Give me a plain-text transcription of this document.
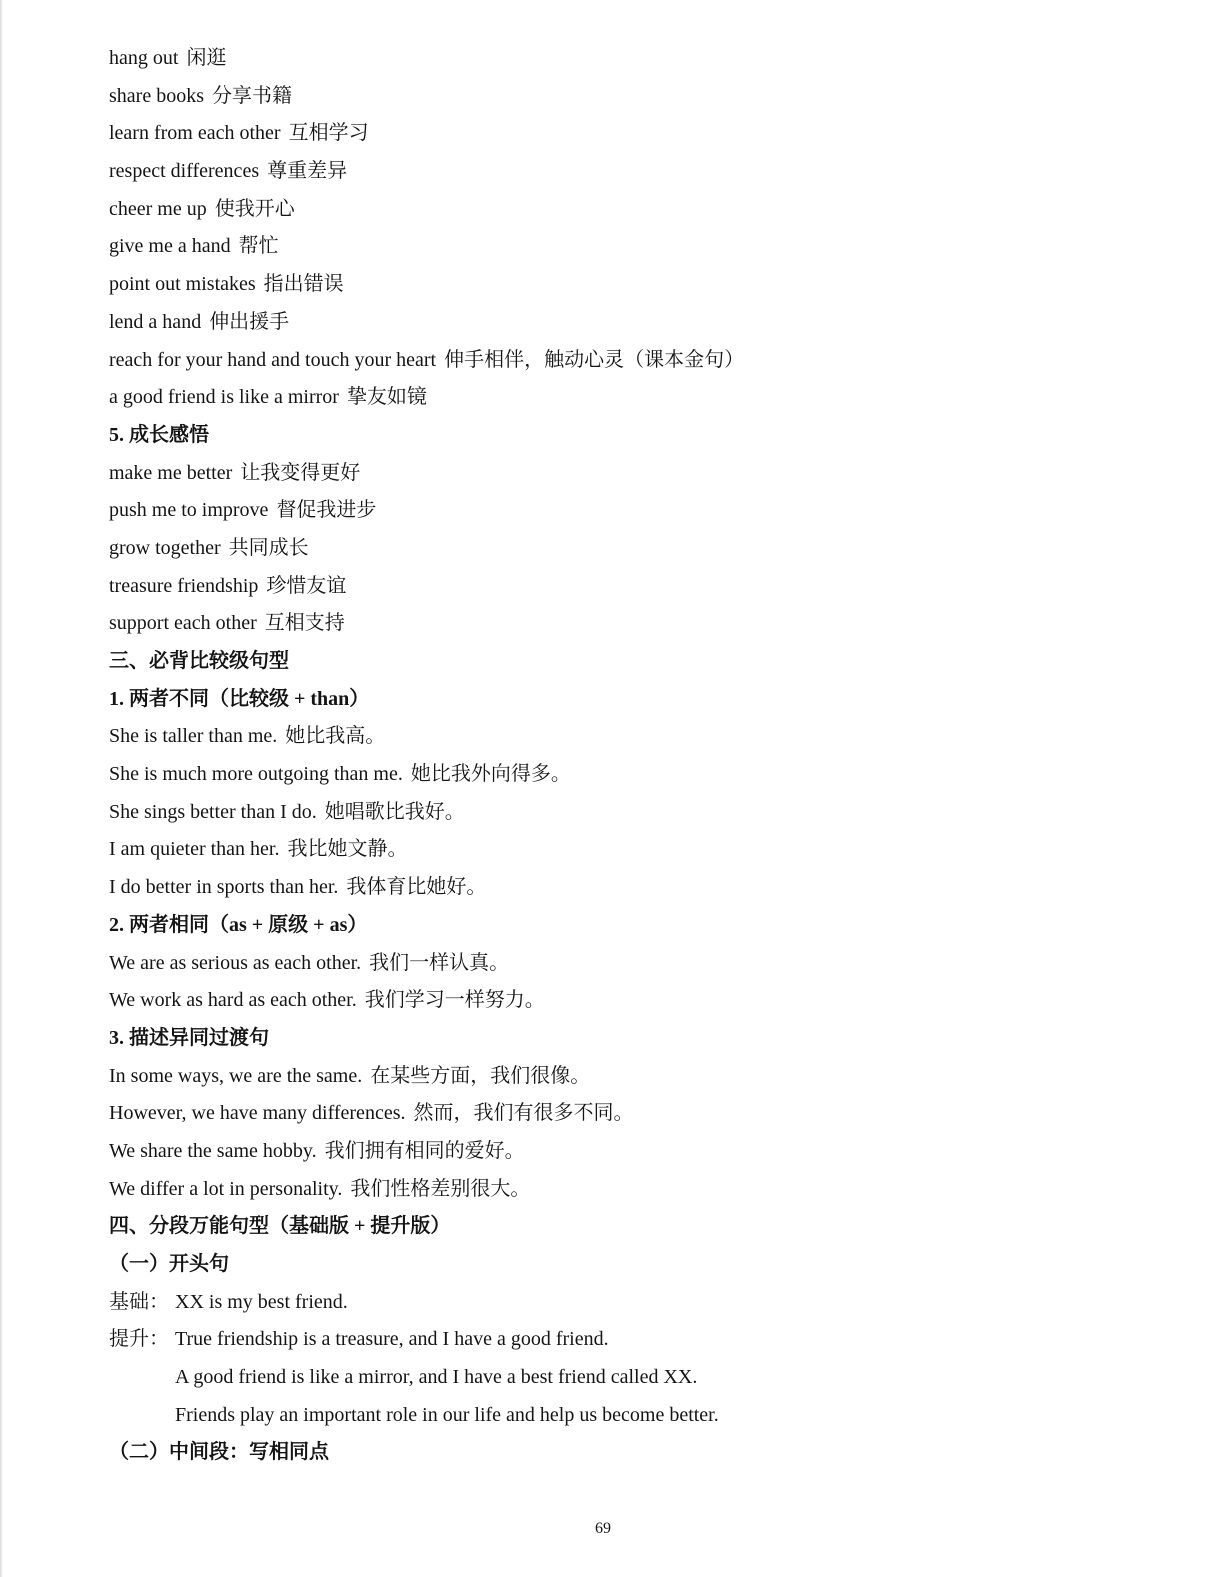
hang out 闲逛
share books 分享书籍
learn from each other 互相学习
respect differences 尊重差异
cheer me up 使我开心
give me a hand 帮忙
point out mistakes 指出错误
lend a hand 伸出援手
reach for your hand and touch your heart 伸手相伴，触动心灵（课本金句）
a good friend is like a mirror 挚友如镜
5. 成长感悟
make me better 让我变得更好
push me to improve 督促我进步
grow together 共同成长
treasure friendship 珍惜友谊
support each other 互相支持
三、必背比较级句型
1. 两者不同（比较级 + than）
She is taller than me. 她比我高。
She is much more outgoing than me. 她比我外向得多。
She sings better than I do. 她唱歌比我好。
I am quieter than her. 我比她文静。
I do better in sports than her. 我体育比她好。
2. 两者相同（as + 原级 + as）
We are as serious as each other. 我们一样认真。
We work as hard as each other. 我们学习一样努力。
3. 描述异同过渡句
In some ways, we are the same. 在某些方面，我们很像。
However, we have many differences. 然而，我们有很多不同。
We share the same hobby. 我们拥有相同的爱好。
We differ a lot in personality. 我们性格差别很大。
四、分段万能句型（基础版 + 提升版）
（一）开头句
基础： XX is my best friend.
提升： True friendship is a treasure, and I have a good friend.
A good friend is like a mirror, and I have a best friend called XX.
Friends play an important role in our life and help us become better.
（二）中间段：写相同点
69
